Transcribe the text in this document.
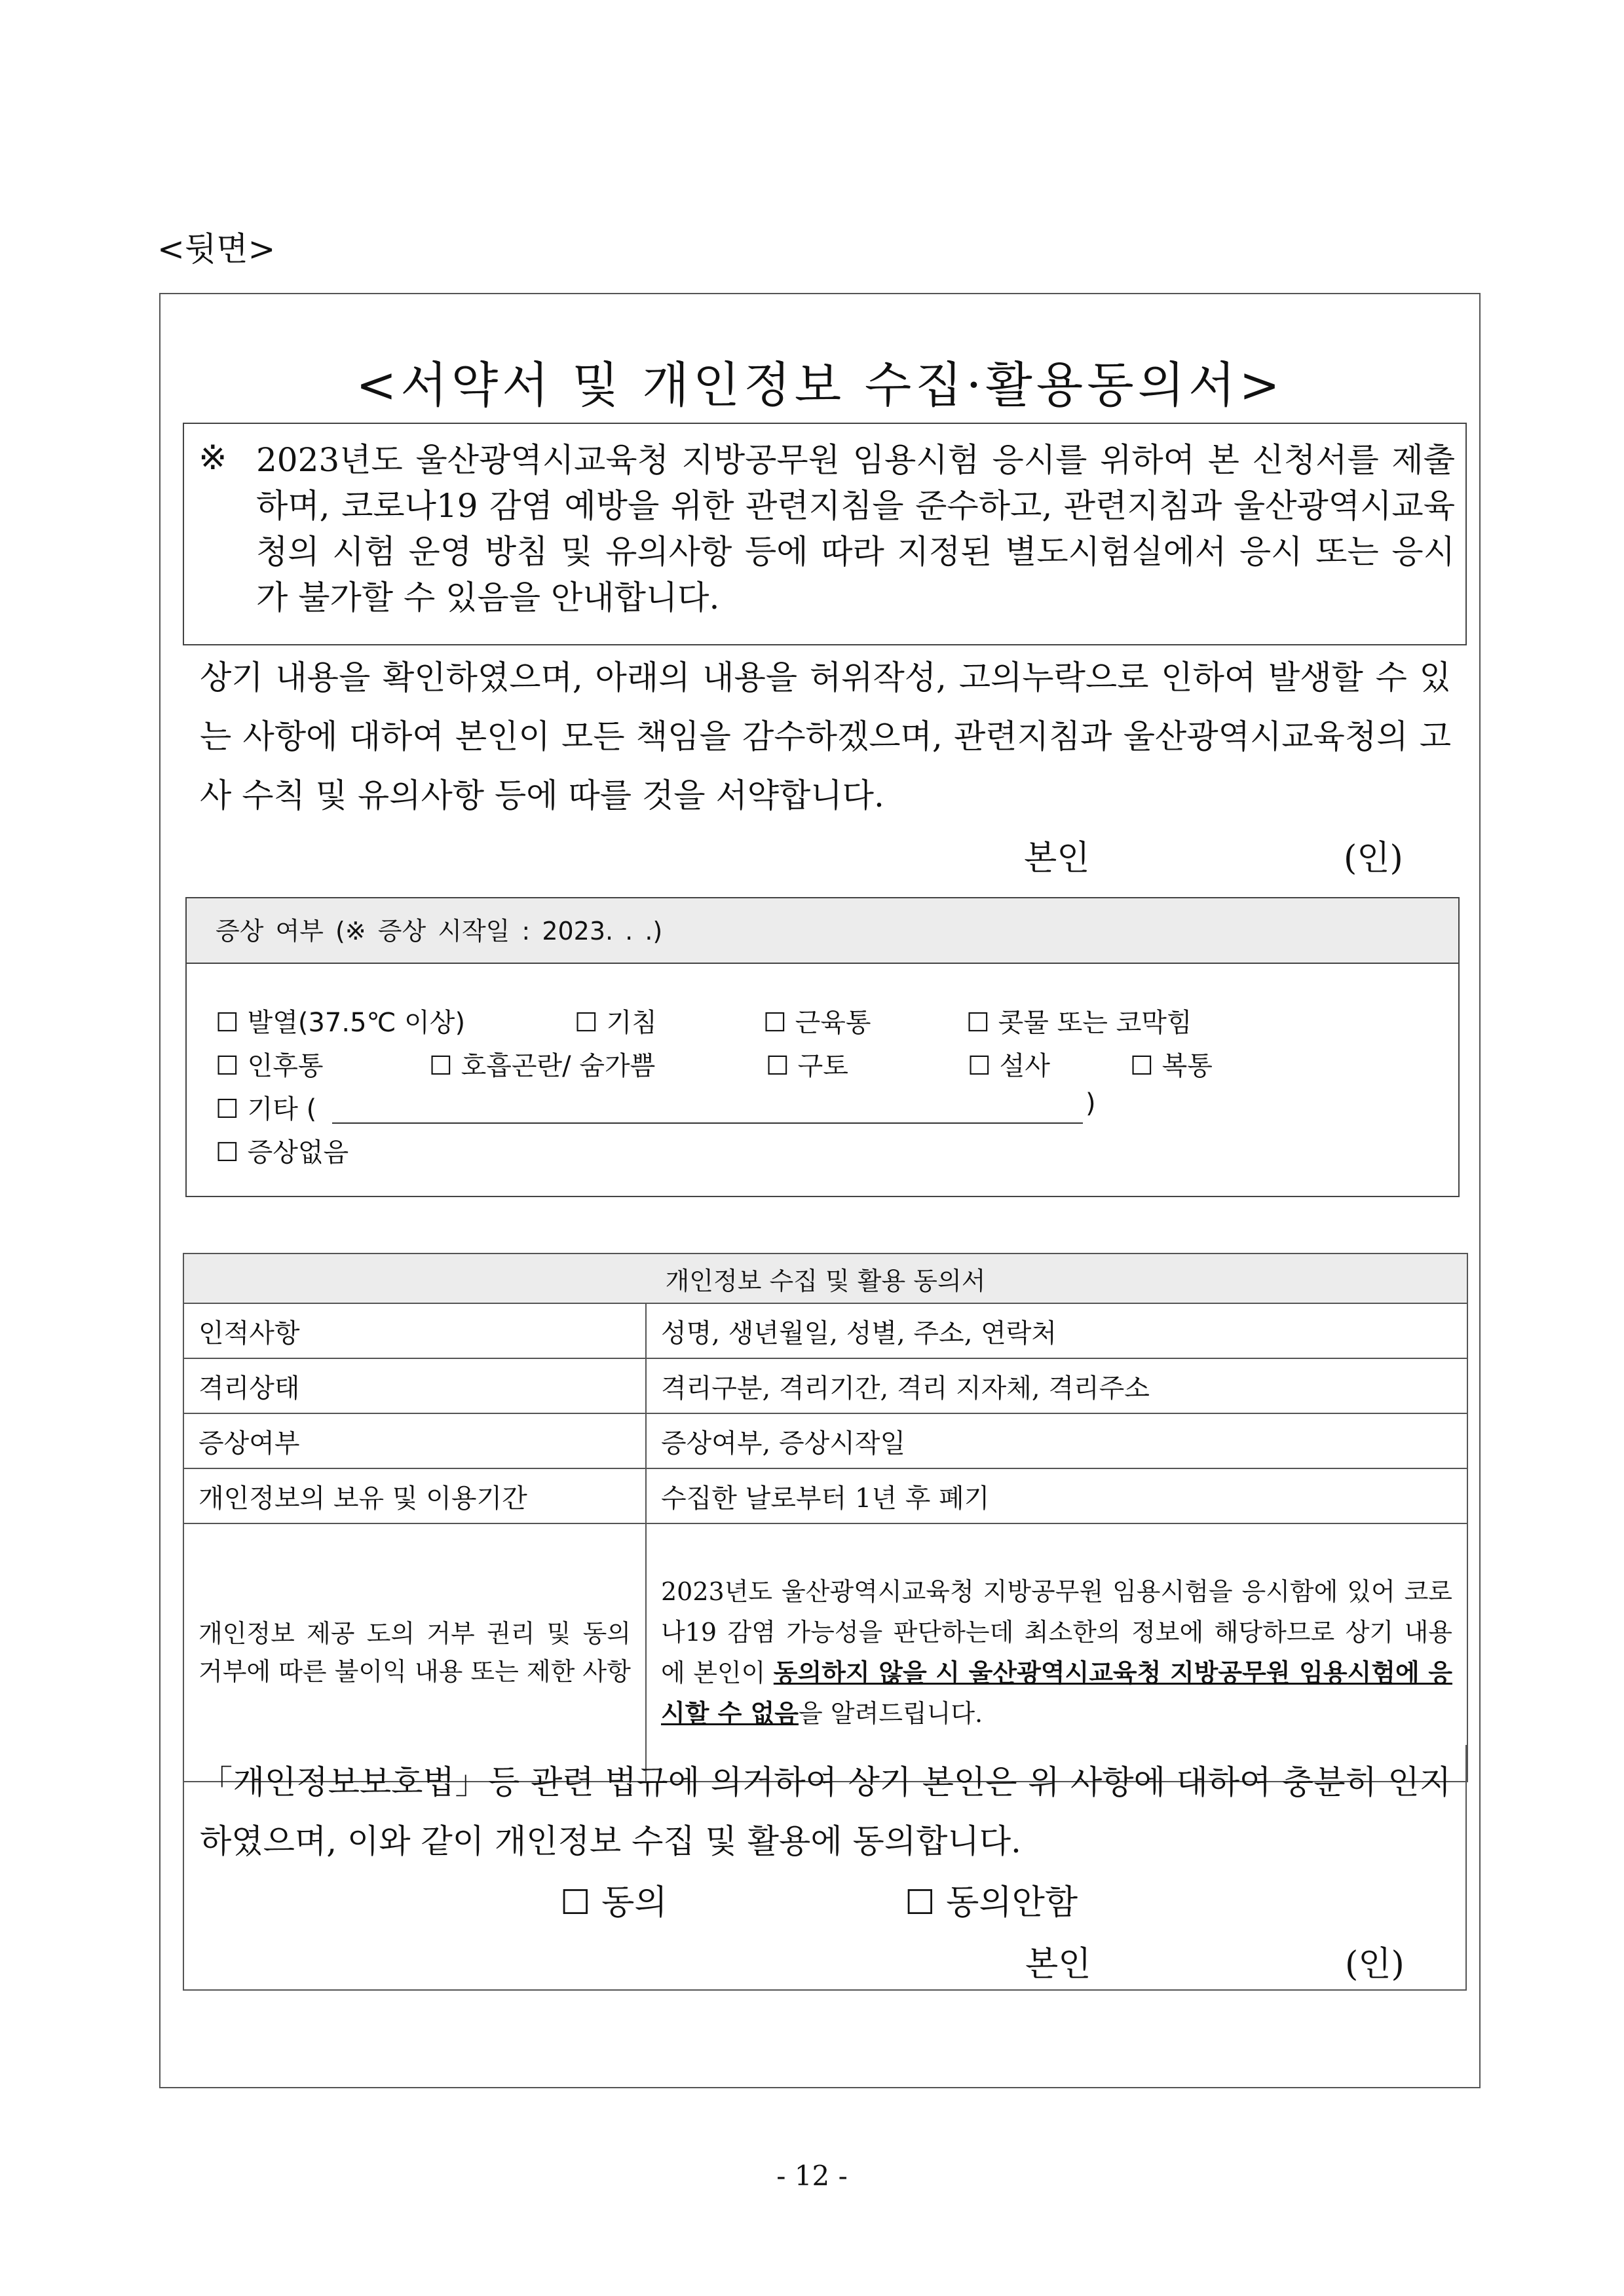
<뒷면>
<서약서 및 개인정보 수집·활용동의서>
※ 2023년도 울산광역시교육청 지방공무원 임용시험 응시를 위하여 본 신청서를 제출하며, 코로나19 감염 예방을 위한 관련지침을 준수하고, 관련지침과 울산광역시교육청의 시험 운영 방침 및 유의사항 등에 따라 지정된 별도시험실에서 응시 또는 응시가 불가할 수 있음을 안내합니다.
상기 내용을 확인하였으며, 아래의 내용을 허위작성, 고의누락으로 인하여 발생할 수 있는 사항에 대하여 본인이 모든 책임을 감수하겠으며, 관련지침과 울산광역시교육청의 고사 수칙 및 유의사항 등에 따를 것을 서약합니다.
본인	(인)
증상 여부 (※ 증상 시작일 : 2023. . .)
☐ 발열(37.5℃ 이상)	☐ 기침	☐ 근육통	☐ 콧물 또는 코막힘
☐ 인후통	☐ 호흡곤란/ 숨가쁨	☐ 구토	☐ 설사	☐ 복통
☐ 기타 (	)
☐ 증상없음
개인정보 수집 및 활용 동의서	
인적사항	성명, 생년월일, 성별, 주소, 연락처
격리상태	격리구분, 격리기간, 격리 지자체, 격리주소
증상여부	증상여부, 증상시작일
개인정보의 보유 및 이용기간	수집한 날로부터 1년 후 폐기
개인정보 제공 도의 거부 권리 및 동의 거부에 따른 불이익 내용 또는 제한 사항	2023년도 울산광역시교육청 지방공무원 임용시험을 응시함에 있어 코로나19 감염 가능성을 판단하는데 최소한의 정보에 해당하므로 상기 내용에 본인이 동의하지 않을 시 울산광역시교육청 지방공무원 임용시험에 응시할 수 없음을 알려드립니다.
「개인정보보호법」등 관련 법규에 의거하여 상기 본인은 위 사항에 대하여 충분히 인지하였으며, 이와 같이 개인정보 수집 및 활용에 동의합니다.
☐ 동의	☐ 동의안함
본인	(인)
- 12 -
